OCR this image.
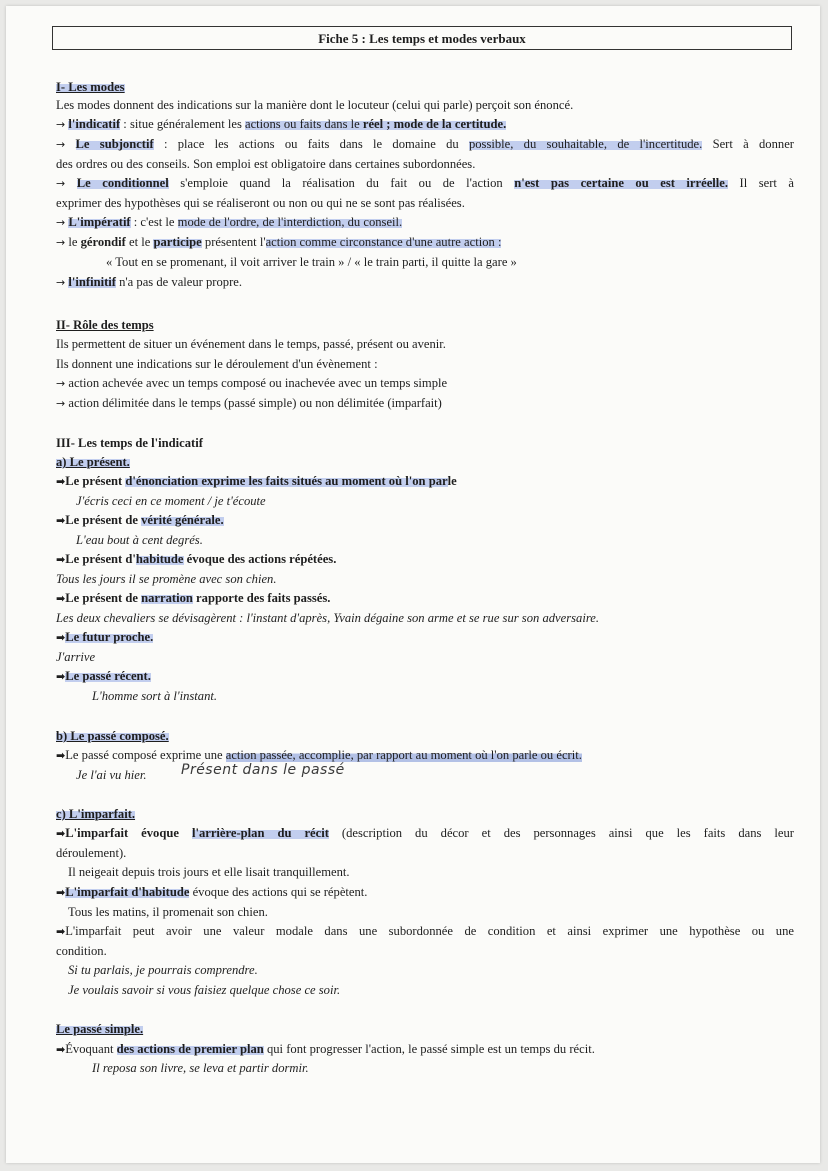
Fiche 5 : Les temps et modes verbaux
I- Les modes
Les modes donnent des indications sur la manière dont le locuteur (celui qui parle) perçoit son énoncé.
→ l'indicatif : situe généralement les actions ou faits dans le réel ; mode de la certitude.
→ Le subjonctif : place les actions ou faits dans le domaine du possible, du souhaitable, de l'incertitude. Sert à donner
des ordres ou des conseils. Son emploi est obligatoire dans certaines subordonnées.
→ Le conditionnel s'emploie quand la réalisation du fait ou de l'action n'est pas certaine ou est irréelle. Il sert à
exprimer des hypothèses qui se réaliseront ou non ou qui ne se sont pas réalisées.
→ L'impératif : c'est le mode de l'ordre, de l'interdiction, du conseil.
→ le gérondif et le participe présentent l'action comme circonstance d'une autre action :
« Tout en se promenant, il voit arriver le train » / « le train parti, il quitte la gare »
→ l'infinitif n'a pas de valeur propre.
II- Rôle des temps
Ils permettent de situer un événement dans le temps, passé, présent ou avenir.
Ils donnent une indications sur le déroulement d'un évènement :
→ action achevée avec un temps composé ou inachevée avec un temps simple
→ action délimitée dans le temps (passé simple) ou non délimitée (imparfait)
III- Les temps de l'indicatif
a) Le présent.
➡Le présent d'énonciation exprime les faits situés au moment où l'on parle
J'écris ceci en ce moment / je t'écoute
➡Le présent de vérité générale.
L'eau bout à cent degrés.
➡Le présent d'habitude évoque des actions répétées.
Tous les jours il se promène avec son chien.
➡Le présent de narration rapporte des faits passés.
Les deux chevaliers se dévisagèrent : l'instant d'après, Yvain dégaine son arme et se rue sur son adversaire.
➡Le futur proche.
J'arrive
➡Le passé récent.
L'homme sort à l'instant.
b) Le passé composé.
➡Le passé composé exprime une action passée, accomplie, par rapport au moment où l'on parle ou écrit.
Je l'ai vu hier.	Présent dans le passé
c) L'imparfait.
➡L'imparfait évoque l'arrière-plan du récit (description du décor et des personnages ainsi que les faits dans leur
déroulement).
Il neigeait depuis trois jours et elle lisait tranquillement.
➡L'imparfait d'habitude évoque des actions qui se répètent.
Tous les matins, il promenait son chien.
➡L'imparfait peut avoir une valeur modale dans une subordonnée de condition et ainsi exprimer une hypothèse ou une
condition.
Si tu parlais, je pourrais comprendre.
Je voulais savoir si vous faisiez quelque chose ce soir.
Le passé simple.
➡Évoquant des actions de premier plan qui font progresser l'action, le passé simple est un temps du récit.
Il reposa son livre, se leva et partir dormir.
